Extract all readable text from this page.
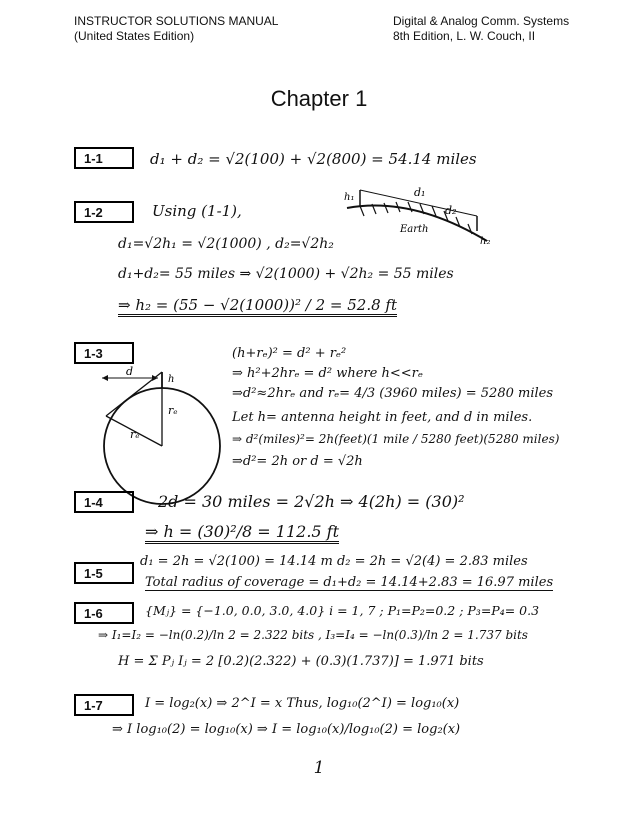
INSTRUCTOR SOLUTIONS MANUAL
(United States Edition)
Digital & Analog Comm. Systems
8th Edition, L. W. Couch, II
Chapter 1
1-1	d₁ + d₂ = √2(100) + √2(800) = 54.14 miles
1-2	Using (1-1),
d₁=√2h₁ = √2(1000) , d₂=√2h₂
d₁+d₂= 55 miles ⇒ √2(1000) + √2h₂ = 55 miles
⇒ h₂ = (55 − √2(1000))² / 2 = 52.8 ft
d₁
d₂
h₁
h₂
Earth
1-3
d
h
rₑ
rₑ
(h+rₑ)² = d² + rₑ²
⇒ h²+2hrₑ = d² where h<<rₑ
⇒d²≈2hrₑ and rₑ= 4/3 (3960 miles) = 5280 miles
Let h= antenna height in feet, and d in miles.
⇒ d²(miles)²= 2h(feet)(1 mile / 5280 feet)(5280 miles)
⇒d²= 2h or d = √2h
1-4	2d = 30 miles = 2√2h ⇒ 4(2h) = (30)²
⇒ h = (30)²/8 = 112.5 ft
1-5
d₁ = 2h = √2(100) = 14.14 m d₂ = 2h = √2(4) = 2.83 miles
Total radius of coverage = d₁+d₂ = 14.14+2.83 = 16.97 miles
1-6	{Mⱼ} = {−1.0, 0.0, 3.0, 4.0} i = 1, 7 ; P₁=P₂=0.2 ; P₃=P₄= 0.3
⇒ I₁=I₂ = −ln(0.2)/ln 2 = 2.322 bits , I₃=I₄ = −ln(0.3)/ln 2 = 1.737 bits
H = Σ Pⱼ Iⱼ = 2 [0.2)(2.322) + (0.3)(1.737)] = 1.971 bits
1-7	I = log₂(x) ⇒ 2^I = x Thus, log₁₀(2^I) = log₁₀(x)
⇒ I log₁₀(2) = log₁₀(x) ⇒ I = log₁₀(x)/log₁₀(2) = log₂(x)
1
